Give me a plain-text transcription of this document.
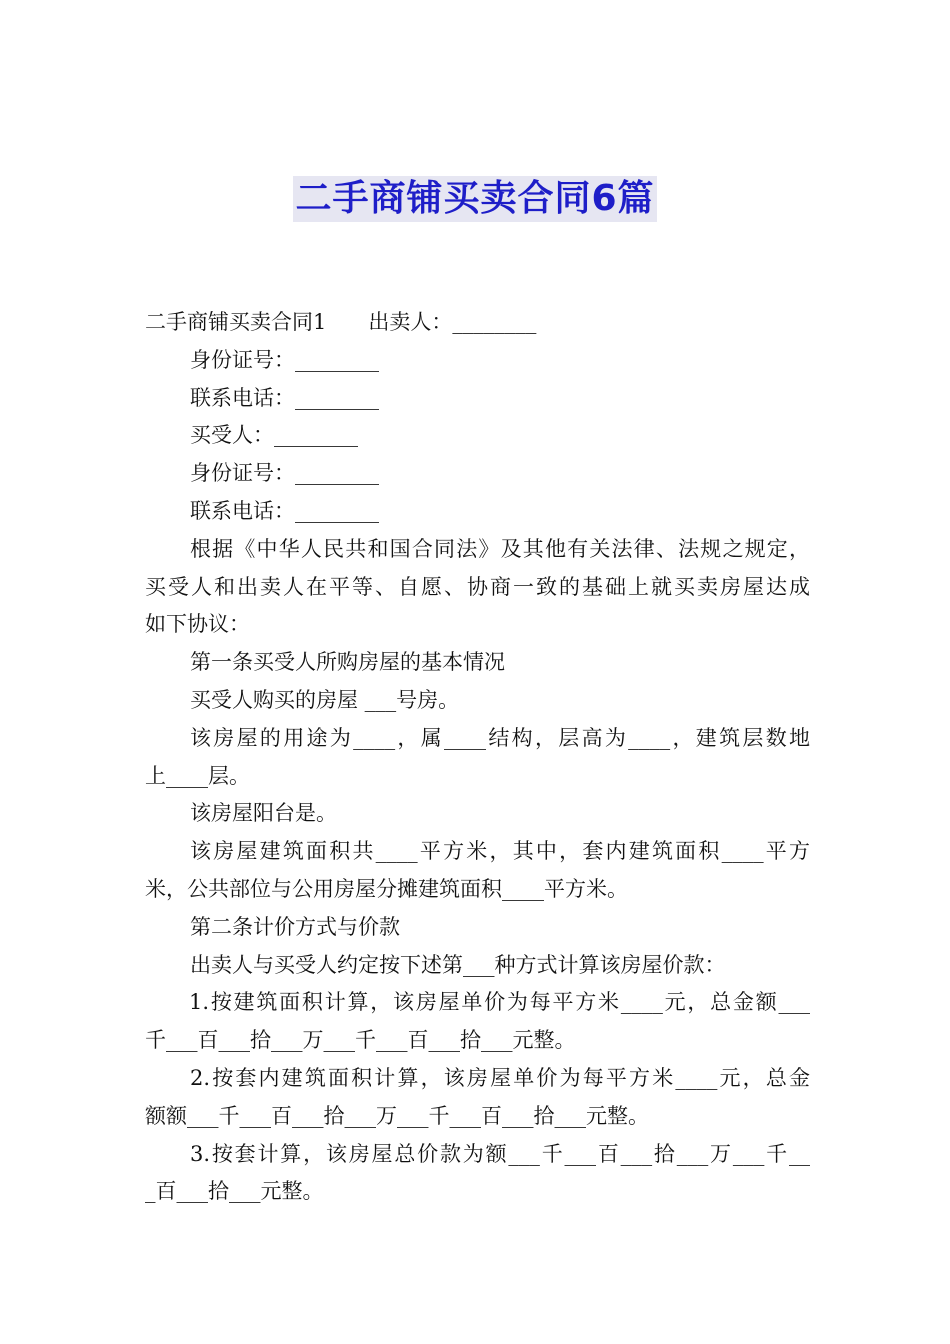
二手商铺买卖合同6篇
二手商铺买卖合同1　　出卖人：________
身份证号：________
联系电话：________
买受人：________
身份证号：________
联系电话：________
根据《中华人民共和国合同法》及其他有关法律、法规之规定，
买受人和出卖人在平等、自愿、协商一致的基础上就买卖房屋达成
如下协议：
第一条买受人所购房屋的基本情况
买受人购买的房屋 ___号房。
该房屋的用途为____，属____结构，层高为____，建筑层数地
上____层。
该房屋阳台是。
该房屋建筑面积共____平方米，其中，套内建筑面积____平方
米，公共部位与公用房屋分摊建筑面积____平方米。
第二条计价方式与价款
出卖人与买受人约定按下述第___种方式计算该房屋价款：
1.按建筑面积计算，该房屋单价为每平方米____元，总金额___
千___百___拾___万___千___百___拾___元整。
2.按套内建筑面积计算，该房屋单价为每平方米____元，总金
额额___千___百___拾___万___千___百___拾___元整。
3.按套计算，该房屋总价款为额___千___百___拾___万___千__
_百___拾___元整。
